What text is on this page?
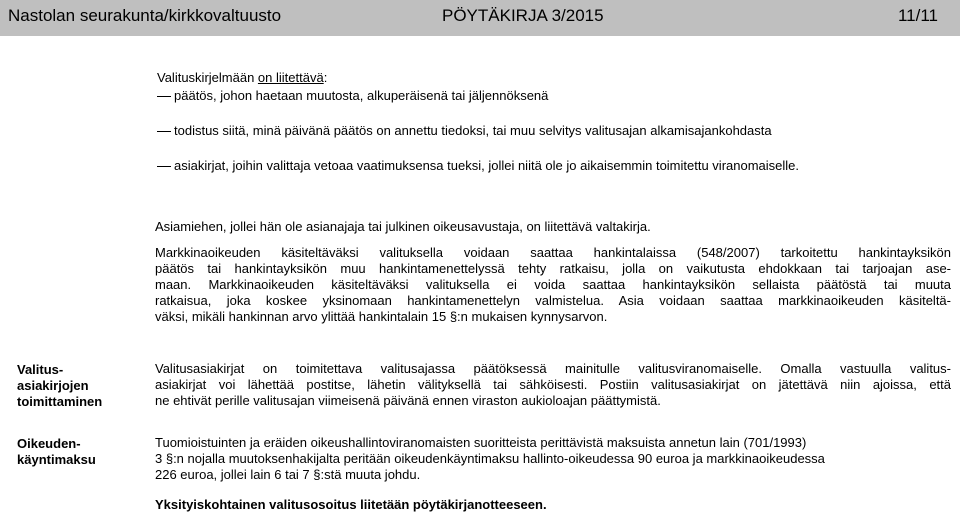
Nastolan seurakunta/kirkkovaltuusto	PÖYTÄKIRJA 3/2015	11/11
Valituskirjelmään on liitettävä:
päätös, johon haetaan muutosta, alkuperäisenä tai jäljennöksenä
todistus siitä, minä päivänä päätös on annettu tiedoksi, tai muu selvitys valitusajan alkamisajankohdasta
asiakirjat, joihin valittaja vetoaa vaatimuksensa tueksi, jollei niitä ole jo aikaisemmin toimitettu viranomaiselle.
Asiamiehen, jollei hän ole asianajaja tai julkinen oikeusavustaja, on liitettävä valtakirja.
Markkinaoikeuden käsiteltäväksi valituksella voidaan saattaa hankintalaissa (548/2007) tarkoitettu hankintayksikön
päätös tai hankintayksikön muu hankintamenettelyssä tehty ratkaisu, jolla on vaikutusta ehdokkaan tai tarjoajan ase-
maan. Markkinaoikeuden käsiteltäväksi valituksella ei voida saattaa hankintayksikön sellaista päätöstä tai muuta
ratkaisua, joka koskee yksinomaan hankintamenettelyn valmistelua. Asia voidaan saattaa markkinaoikeuden käsiteltä-
väksi, mikäli hankinnan arvo ylittää hankintalain 15 §:n mukaisen kynnysarvon.
Valitus-
asiakirjojen
toimittaminen
Valitusasiakirjat on toimitettava valitusajassa päätöksessä mainitulle valitusviranomaiselle. Omalla vastuulla valitus-
asiakirjat voi lähettää postitse, lähetin välityksellä tai sähköisesti. Postiin valitusasiakirjat on jätettävä niin ajoissa, että
ne ehtivät perille valitusajan viimeisenä päivänä ennen viraston aukioloajan päättymistä.
Oikeuden-
käyntimaksu
Tuomioistuinten ja eräiden oikeushallintoviranomaisten suoritteista perittävistä maksuista annetun lain (701/1993)
3 §:n nojalla muutoksenhakijalta peritään oikeudenkäyntimaksu hallinto-oikeudessa 90 euroa ja markkinaoikeudessa
226 euroa, jollei lain 6 tai 7 §:stä muuta johdu.
Yksityiskohtainen valitusosoitus liitetään pöytäkirjanotteeseen.
